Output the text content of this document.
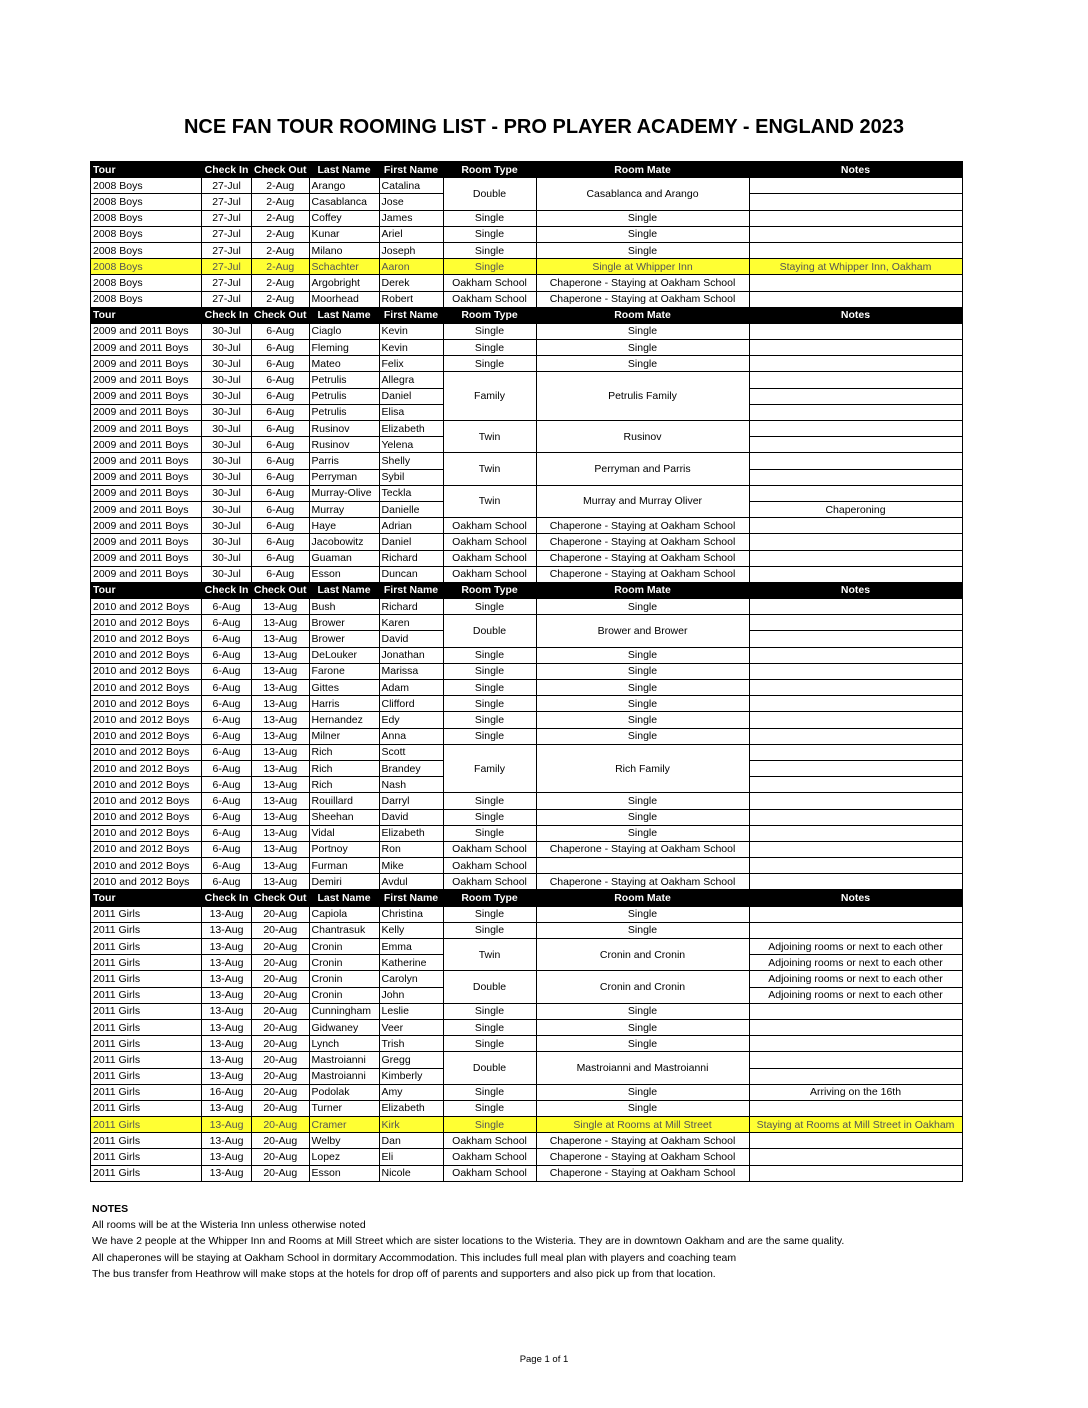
NCE FAN TOUR ROOMING LIST - PRO PLAYER ACADEMY - ENGLAND 2023
Tour	Check In	Check Out	Last Name	First Name	Room Type	Room Mate	Notes
2008 Boys	27-Jul	2-Aug	Arango	Catalina	Double	Casablanca and Arango	
2008 Boys	27-Jul	2-Aug	Casablanca	Jose			
2008 Boys	27-Jul	2-Aug	Coffey	James	Single	Single	
2008 Boys	27-Jul	2-Aug	Kunar	Ariel	Single	Single	
2008 Boys	27-Jul	2-Aug	Milano	Joseph	Single	Single	
2008 Boys	27-Jul	2-Aug	Schachter	Aaron	Single	Single at Whipper Inn	Staying at Whipper Inn, Oakham
2008 Boys	27-Jul	2-Aug	Argobright	Derek	Oakham School	Chaperone - Staying at Oakham School	
2008 Boys	27-Jul	2-Aug	Moorhead	Robert	Oakham School	Chaperone - Staying at Oakham School	
Tour	Check In	Check Out	Last Name	First Name	Room Type	Room Mate	Notes
2009 and 2011 Boys	30-Jul	6-Aug	Ciaglo	Kevin	Single	Single	
2009 and 2011 Boys	30-Jul	6-Aug	Fleming	Kevin	Single	Single	
2009 and 2011 Boys	30-Jul	6-Aug	Mateo	Felix	Single	Single	
2009 and 2011 Boys	30-Jul	6-Aug	Petrulis	Allegra	Family	Petrulis Family	
2009 and 2011 Boys	30-Jul	6-Aug	Petrulis	Daniel			
2009 and 2011 Boys	30-Jul	6-Aug	Petrulis	Elisa			
2009 and 2011 Boys	30-Jul	6-Aug	Rusinov	Elizabeth	Twin	Rusinov	
2009 and 2011 Boys	30-Jul	6-Aug	Rusinov	Yelena			
2009 and 2011 Boys	30-Jul	6-Aug	Parris	Shelly	Twin	Perryman and Parris	
2009 and 2011 Boys	30-Jul	6-Aug	Perryman	Sybil			
2009 and 2011 Boys	30-Jul	6-Aug	Murray-Olive	Teckla	Twin	Murray and Murray Oliver	
2009 and 2011 Boys	30-Jul	6-Aug	Murray	Danielle			Chaperoning
2009 and 2011 Boys	30-Jul	6-Aug	Haye	Adrian	Oakham School	Chaperone - Staying at Oakham School	
2009 and 2011 Boys	30-Jul	6-Aug	Jacobowitz	Daniel	Oakham School	Chaperone - Staying at Oakham School	
2009 and 2011 Boys	30-Jul	6-Aug	Guaman	Richard	Oakham School	Chaperone - Staying at Oakham School	
2009 and 2011 Boys	30-Jul	6-Aug	Esson	Duncan	Oakham School	Chaperone - Staying at Oakham School	
Tour	Check In	Check Out	Last Name	First Name	Room Type	Room Mate	Notes
2010 and 2012 Boys	6-Aug	13-Aug	Bush	Richard	Single	Single	
2010 and 2012 Boys	6-Aug	13-Aug	Brower	Karen	Double	Brower and Brower	
2010 and 2012 Boys	6-Aug	13-Aug	Brower	David			
2010 and 2012 Boys	6-Aug	13-Aug	DeLouker	Jonathan	Single	Single	
2010 and 2012 Boys	6-Aug	13-Aug	Farone	Marissa	Single	Single	
2010 and 2012 Boys	6-Aug	13-Aug	Gittes	Adam	Single	Single	
2010 and 2012 Boys	6-Aug	13-Aug	Harris	Clifford	Single	Single	
2010 and 2012 Boys	6-Aug	13-Aug	Hernandez	Edy	Single	Single	
2010 and 2012 Boys	6-Aug	13-Aug	Milner	Anna	Single	Single	
2010 and 2012 Boys	6-Aug	13-Aug	Rich	Scott	Family	Rich Family	
2010 and 2012 Boys	6-Aug	13-Aug	Rich	Brandey			
2010 and 2012 Boys	6-Aug	13-Aug	Rich	Nash			
2010 and 2012 Boys	6-Aug	13-Aug	Rouillard	Darryl	Single	Single	
2010 and 2012 Boys	6-Aug	13-Aug	Sheehan	David	Single	Single	
2010 and 2012 Boys	6-Aug	13-Aug	Vidal	Elizabeth	Single	Single	
2010 and 2012 Boys	6-Aug	13-Aug	Portnoy	Ron	Oakham School	Chaperone - Staying at Oakham School	
2010 and 2012 Boys	6-Aug	13-Aug	Furman	Mike	Oakham School		
2010 and 2012 Boys	6-Aug	13-Aug	Demiri	Avdul	Oakham School	Chaperone - Staying at Oakham School	
Tour	Check In	Check Out	Last Name	First Name	Room Type	Room Mate	Notes
2011 Girls	13-Aug	20-Aug	Capiola	Christina	Single	Single	
2011 Girls	13-Aug	20-Aug	Chantrasuk	Kelly	Single	Single	
2011 Girls	13-Aug	20-Aug	Cronin	Emma	Twin	Cronin and Cronin	Adjoining rooms or next to each other
2011 Girls	13-Aug	20-Aug	Cronin	Katherine			Adjoining rooms or next to each other
2011 Girls	13-Aug	20-Aug	Cronin	Carolyn	Double	Cronin and Cronin	Adjoining rooms or next to each other
2011 Girls	13-Aug	20-Aug	Cronin	John			Adjoining rooms or next to each other
2011 Girls	13-Aug	20-Aug	Cunningham	Leslie	Single	Single	
2011 Girls	13-Aug	20-Aug	Gidwaney	Veer	Single	Single	
2011 Girls	13-Aug	20-Aug	Lynch	Trish	Single	Single	
2011 Girls	13-Aug	20-Aug	Mastroianni	Gregg	Double	Mastroianni and Mastroianni	
2011 Girls	13-Aug	20-Aug	Mastroianni	Kimberly			
2011 Girls	16-Aug	20-Aug	Podolak	Amy	Single	Single	Arriving on the 16th
2011 Girls	13-Aug	20-Aug	Turner	Elizabeth	Single	Single	
2011 Girls	13-Aug	20-Aug	Cramer	Kirk	Single	Single at Rooms at Mill Street	Staying at Rooms at Mill Street in Oakham
2011 Girls	13-Aug	20-Aug	Welby	Dan	Oakham School	Chaperone - Staying at Oakham School	
2011 Girls	13-Aug	20-Aug	Lopez	Eli	Oakham School	Chaperone - Staying at Oakham School	
2011 Girls	13-Aug	20-Aug	Esson	Nicole	Oakham School	Chaperone - Staying at Oakham School	
NOTES
All rooms will be at the Wisteria Inn unless otherwise noted
We have 2 people at the Whipper Inn and Rooms at Mill Street which are sister locations to the Wisteria. They are in downtown Oakham and are the same quality.
All chaperones will be staying at Oakham School in dormitary Accommodation. This includes full meal plan with players and coaching team
The bus transfer from Heathrow will make stops at the hotels for drop off of parents and supporters and also pick up from that location.
Page 1 of 1
